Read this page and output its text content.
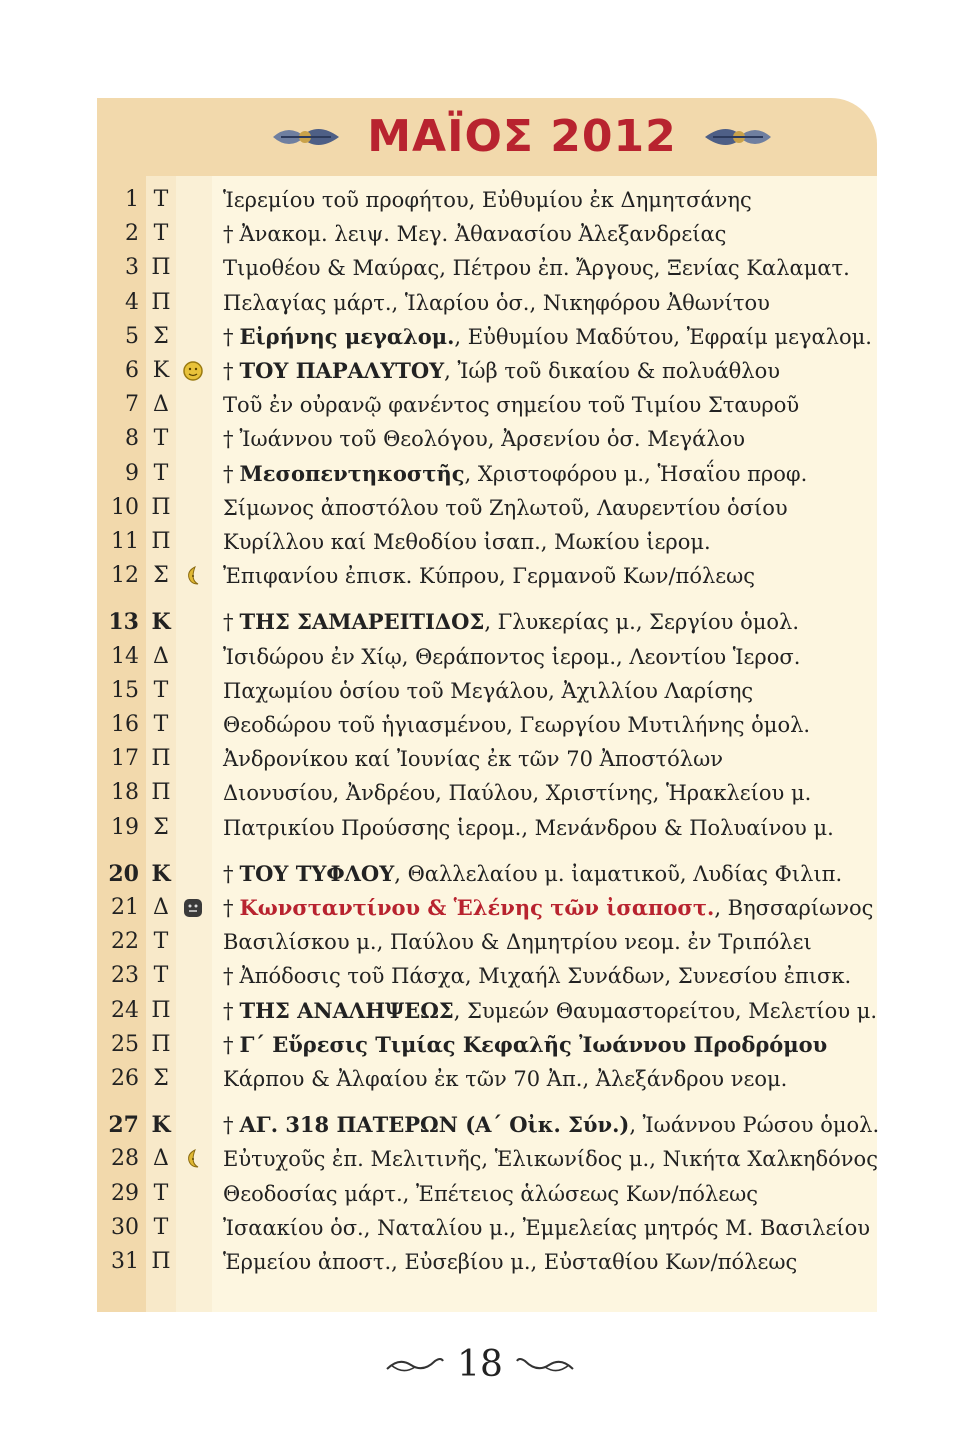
ΜΑΪΟΣ 2012
1 Τ	Ἱερεμίου τοῦ προφήτου, Εὐθυμίου ἐκ Δημητσάνης
2 Τ	† Ἀνακομ. λειψ. Μεγ. Ἀθανασίου Ἀλεξανδρείας
3 Π Τιμοθέου & Μαύρας, Πέτρου ἐπ. Ἄργους, Ξενίας Καλαματ.
4 Π Πελαγίας μάρτ., Ἱλαρίου ὁσ., Νικηφόρου Ἀθωνίτου
5 Σ	† Εἰρήνης μεγαλομ., Εὐθυμίου Μαδύτου, Ἐφραίμ μεγαλομ.
6 Κ	† ΤΟΥ ΠΑΡΑΛΥΤΟΥ, Ἰώβ τοῦ δικαίου & πολυάθλου
7 Δ	Τοῦ ἐν οὐρανῷ φανέντος σημείου τοῦ Τιμίου Σταυροῦ
8 Τ	† Ἰωάννου τοῦ Θεολόγου, Ἀρσενίου ὁσ. Μεγάλου
9 Τ	† Μεσοπεντηκοστῆς, Χριστοφόρου μ., Ἡσαΐου προφ.
10 Π Σίμωνος ἀποστόλου τοῦ Ζηλωτοῦ, Λαυρεντίου ὁσίου
11 Π Κυρίλλου καί Μεθοδίου ἰσαπ., Μωκίου ἱερομ.
12 Σ	Ἐπιφανίου ἐπισκ. Κύπρου, Γερμανοῦ Κων/πόλεως
13 Κ † ΤΗΣ ΣΑΜΑΡΕΙΤΙΔΟΣ, Γλυκερίας μ., Σεργίου ὁμολ.
14 Δ	Ἰσιδώρου ἐν Χίῳ, Θεράποντος ἱερομ., Λεοντίου Ἱεροσ.
15 Τ	Παχωμίου ὁσίου τοῦ Μεγάλου, Ἀχιλλίου Λαρίσης
16 Τ	Θεοδώρου τοῦ ἡγιασμένου, Γεωργίου Μυτιλήνης ὁμολ.
17 Π Ἀνδρονίκου καί Ἰουνίας ἐκ τῶν 70 Ἀποστόλων
18 Π Διονυσίου, Ἀνδρέου, Παύλου, Χριστίνης, Ἡρακλείου μ.
19 Σ	Πατρικίου Προύσσης ἱερομ., Μενάνδρου & Πολυαίνου μ.
20 Κ † ΤΟΥ ΤΥΦΛΟΥ, Θαλλελαίου μ. ἰαματικοῦ, Λυδίας Φιλιπ.
21 Δ	† Κωνσταντίνου & Ἑλένης τῶν ἰσαποστ., Βησσαρίωνος
22 Τ	Βασιλίσκου μ., Παύλου & Δημητρίου νεομ. ἐν Τριπόλει
23 Τ	† Ἀπόδοσις τοῦ Πάσχα, Μιχαήλ Συνάδων, Συνεσίου ἐπισκ.
24 Π † ΤΗΣ ΑΝΑΛΗΨΕΩΣ, Συμεών Θαυμαστορείτου, Μελετίου μ.
25 Π † Γ΄ Εὕρεσις Τιμίας Κεφαλῆς Ἰωάννου Προδρόμου
26 Σ	Κάρπου & Ἀλφαίου ἐκ τῶν 70 Ἀπ., Ἀλεξάνδρου νεομ.
27 Κ † ΑΓ. 318 ΠΑΤΕΡΩΝ (Α΄ Οἰκ. Σύν.), Ἰωάννου Ρώσου ὁμολ.
28 Δ	Εὐτυχοῦς ἐπ. Μελιτινῆς, Ἑλικωνίδος μ., Νικήτα Χαλκηδόνος
29 Τ	Θεοδοσίας μάρτ., Ἐπέτειος ἁλώσεως Κων/πόλεως
30 Τ	Ἰσαακίου ὁσ., Ναταλίου μ., Ἐμμελείας μητρός Μ. Βασιλείου
31 Π Ἑρμείου ἀποστ., Εὐσεβίου μ., Εὐσταθίου Κων/πόλεως
18
